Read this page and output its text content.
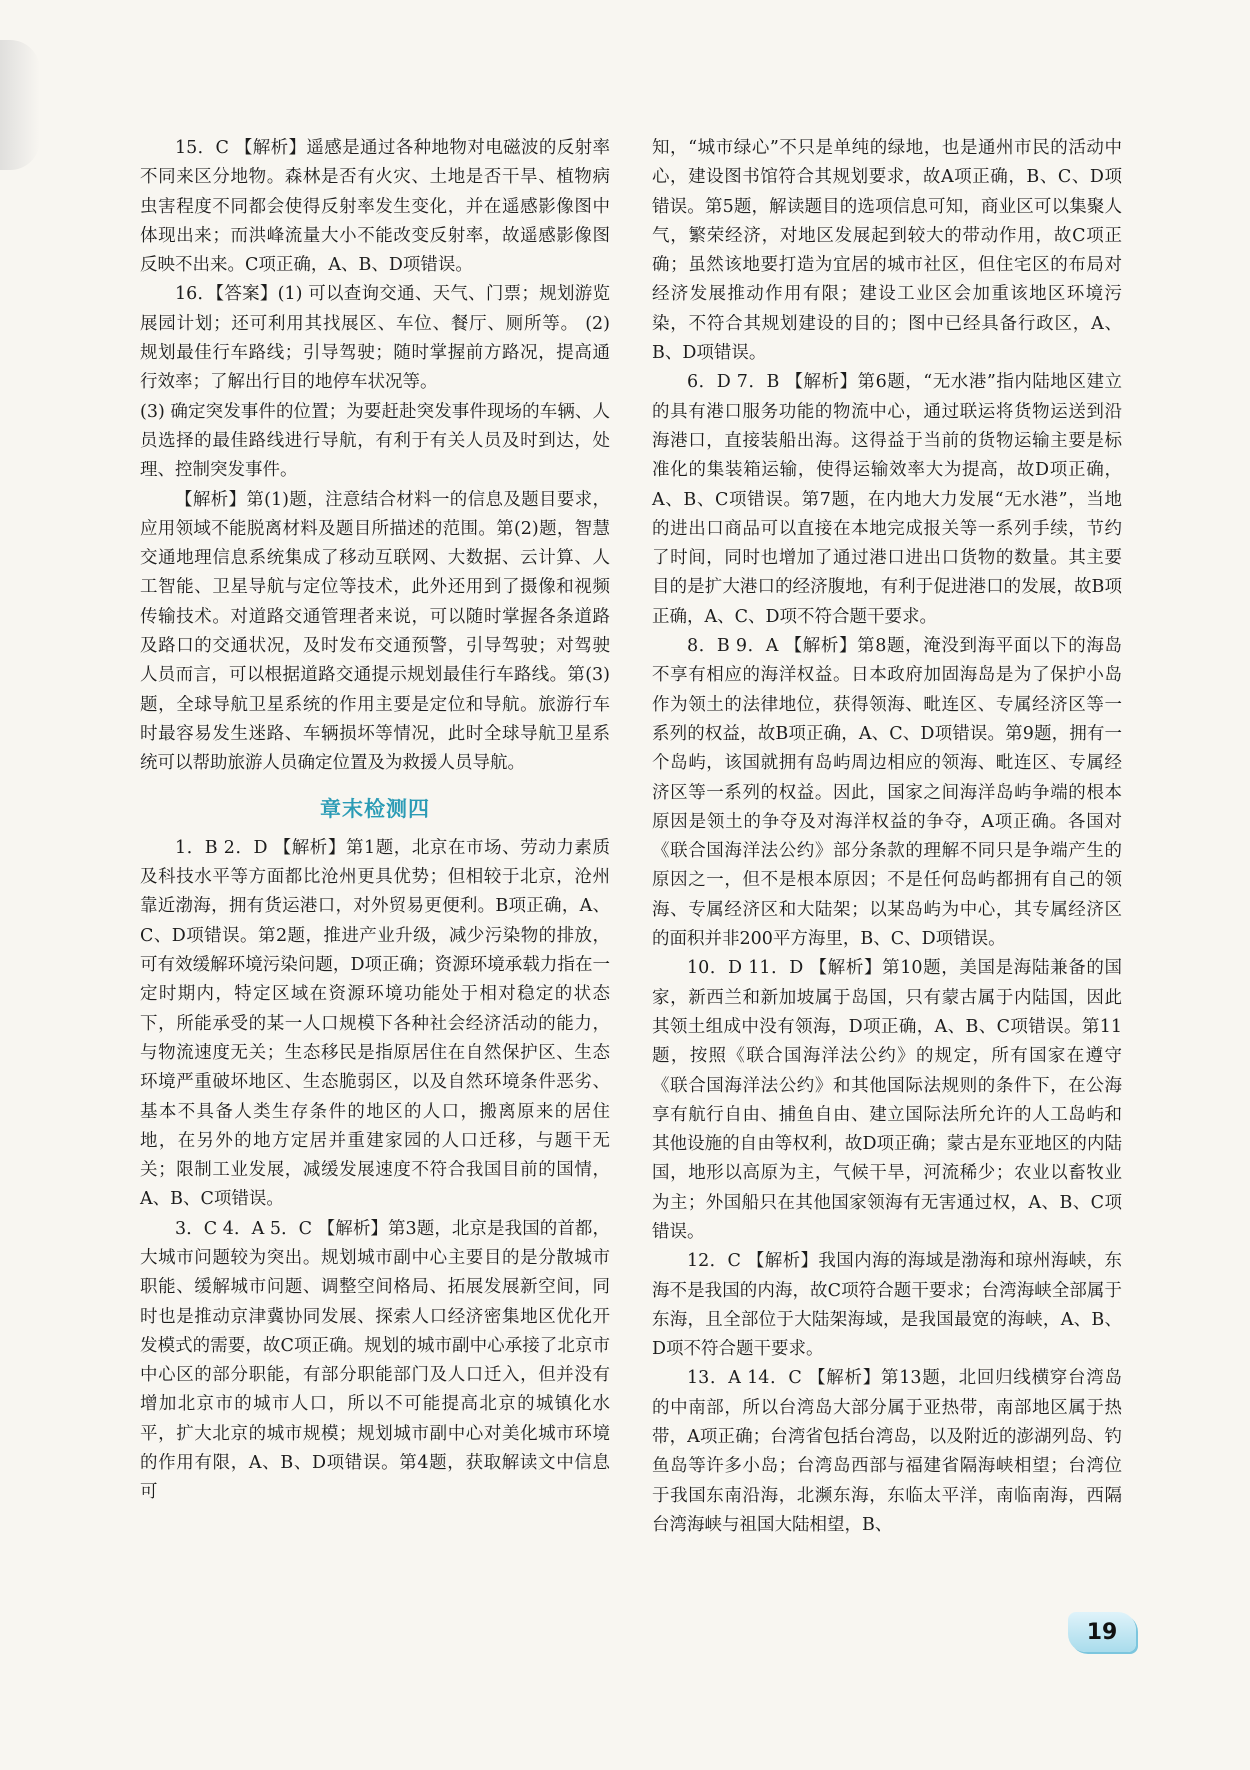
15．C 【解析】遥感是通过各种地物对电磁波的反射率不同来区分地物。森林是否有火灾、土地是否干旱、植物病虫害程度不同都会使得反射率发生变化，并在遥感影像图中体现出来；而洪峰流量大小不能改变反射率，故遥感影像图反映不出来。C项正确，A、B、D项错误。

16．【答案】(1) 可以查询交通、天气、门票；规划游览展园计划；还可利用其找展区、车位、餐厅、厕所等。 (2) 规划最佳行车路线；引导驾驶；随时掌握前方路况，提高通行效率；了解出行目的地停车状况等。

(3) 确定突发事件的位置；为要赶赴突发事件现场的车辆、人员选择的最佳路线进行导航，有利于有关人员及时到达，处理、控制突发事件。

【解析】第(1)题，注意结合材料一的信息及题目要求，应用领域不能脱离材料及题目所描述的范围。第(2)题，智慧交通地理信息系统集成了移动互联网、大数据、云计算、人工智能、卫星导航与定位等技术，此外还用到了摄像和视频传输技术。对道路交通管理者来说，可以随时掌握各条道路及路口的交通状况，及时发布交通预警，引导驾驶；对驾驶人员而言，可以根据道路交通提示规划最佳行车路线。第(3)题，全球导航卫星系统的作用主要是定位和导航。旅游行车时最容易发生迷路、车辆损坏等情况，此时全球导航卫星系统可以帮助旅游人员确定位置及为救援人员导航。

章末检测四

1．B 2．D 【解析】第1题，北京在市场、劳动力素质及科技水平等方面都比沧州更具优势；但相较于北京，沧州靠近渤海，拥有货运港口，对外贸易更便利。B项正确，A、C、D项错误。第2题，推进产业升级，减少污染物的排放，可有效缓解环境污染问题，D项正确；资源环境承载力指在一定时期内，特定区域在资源环境功能处于相对稳定的状态下，所能承受的某一人口规模下各种社会经济活动的能力，与物流速度无关；生态移民是指原居住在自然保护区、生态环境严重破坏地区、生态脆弱区，以及自然环境条件恶劣、基本不具备人类生存条件的地区的人口，搬离原来的居住地，在另外的地方定居并重建家园的人口迁移，与题干无关；限制工业发展，减缓发展速度不符合我国目前的国情，A、B、C项错误。

3．C 4．A 5．C 【解析】第3题，北京是我国的首都，大城市问题较为突出。规划城市副中心主要目的是分散城市职能、缓解城市问题、调整空间格局、拓展发展新空间，同时也是推动京津冀协同发展、探索人口经济密集地区优化开发模式的需要，故C项正确。规划的城市副中心承接了北京市中心区的部分职能，有部分职能部门及人口迁入，但并没有增加北京市的城市人口，所以不可能提高北京的城镇化水平，扩大北京的城市规模；规划城市副中心对美化城市环境的作用有限，A、B、D项错误。第4题，获取解读文中信息可

知，“城市绿心”不只是单纯的绿地，也是通州市民的活动中心，建设图书馆符合其规划要求，故A项正确，B、C、D项错误。第5题，解读题目的选项信息可知，商业区可以集聚人气，繁荣经济，对地区发展起到较大的带动作用，故C项正确；虽然该地要打造为宜居的城市社区，但住宅区的布局对经济发展推动作用有限；建设工业区会加重该地区环境污染，不符合其规划建设的目的；图中已经具备行政区，A、B、D项错误。

6．D 7．B 【解析】第6题，“无水港”指内陆地区建立的具有港口服务功能的物流中心，通过联运将货物运送到沿海港口，直接装船出海。这得益于当前的货物运输主要是标准化的集装箱运输，使得运输效率大为提高，故D项正确，A、B、C项错误。第7题，在内地大力发展“无水港”，当地的进出口商品可以直接在本地完成报关等一系列手续，节约了时间，同时也增加了通过港口进出口货物的数量。其主要目的是扩大港口的经济腹地，有利于促进港口的发展，故B项正确，A、C、D项不符合题干要求。

8．B 9．A 【解析】第8题，淹没到海平面以下的海岛不享有相应的海洋权益。日本政府加固海岛是为了保护小岛作为领土的法律地位，获得领海、毗连区、专属经济区等一系列的权益，故B项正确，A、C、D项错误。第9题，拥有一个岛屿，该国就拥有岛屿周边相应的领海、毗连区、专属经济区等一系列的权益。因此，国家之间海洋岛屿争端的根本原因是领土的争夺及对海洋权益的争夺，A项正确。各国对《联合国海洋法公约》部分条款的理解不同只是争端产生的原因之一，但不是根本原因；不是任何岛屿都拥有自己的领海、专属经济区和大陆架；以某岛屿为中心，其专属经济区的面积并非200平方海里，B、C、D项错误。

10．D 11．D 【解析】第10题，美国是海陆兼备的国家，新西兰和新加坡属于岛国，只有蒙古属于内陆国，因此其领土组成中没有领海，D项正确，A、B、C项错误。第11题，按照《联合国海洋法公约》的规定，所有国家在遵守《联合国海洋法公约》和其他国际法规则的条件下，在公海享有航行自由、捕鱼自由、建立国际法所允许的人工岛屿和其他设施的自由等权利，故D项正确；蒙古是东亚地区的内陆国，地形以高原为主，气候干旱，河流稀少；农业以畜牧业为主；外国船只在其他国家领海有无害通过权，A、B、C项错误。

12．C 【解析】我国内海的海域是渤海和琼州海峡，东海不是我国的内海，故C项符合题干要求；台湾海峡全部属于东海，且全部位于大陆架海域，是我国最宽的海峡，A、B、D项不符合题干要求。

13．A 14．C 【解析】第13题，北回归线横穿台湾岛的中南部，所以台湾岛大部分属于亚热带，南部地区属于热带，A项正确；台湾省包括台湾岛，以及附近的澎湖列岛、钓鱼岛等许多小岛；台湾岛西部与福建省隔海峡相望；台湾位于我国东南沿海，北濒东海，东临太平洋，南临南海，西隔台湾海峡与祖国大陆相望，B、

19
